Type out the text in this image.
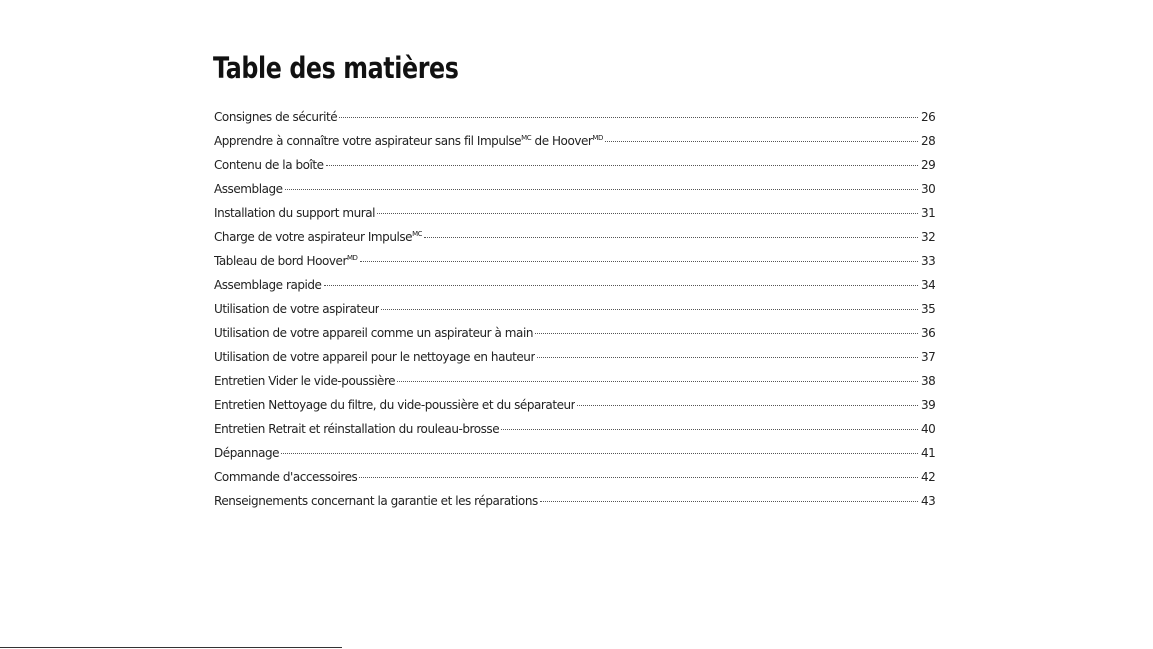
Table des matières
Consignes de sécurité	26
Apprendre à connaître votre aspirateur sans fil Impulse$^{MC}$ de Hoover$^{MD}$	28
Contenu de la boîte	29
Assemblage	30
Installation du support mural	31
Charge de votre aspirateur Impulse$^{MC}$	32
Tableau de bord Hoover$^{MD}$	33
Assemblage rapide	34
Utilisation de votre aspirateur	35
Utilisation de votre appareil comme un aspirateur à main	36
Utilisation de votre appareil pour le nettoyage en hauteur	37
Entretien Vider le vide-poussière	38
Entretien Nettoyage du filtre, du vide-poussière et du séparateur	39
Entretien Retrait et réinstallation du rouleau-brosse	40
Dépannage	41
Commande d'accessoires	42
Renseignements concernant la garantie et les réparations	43
